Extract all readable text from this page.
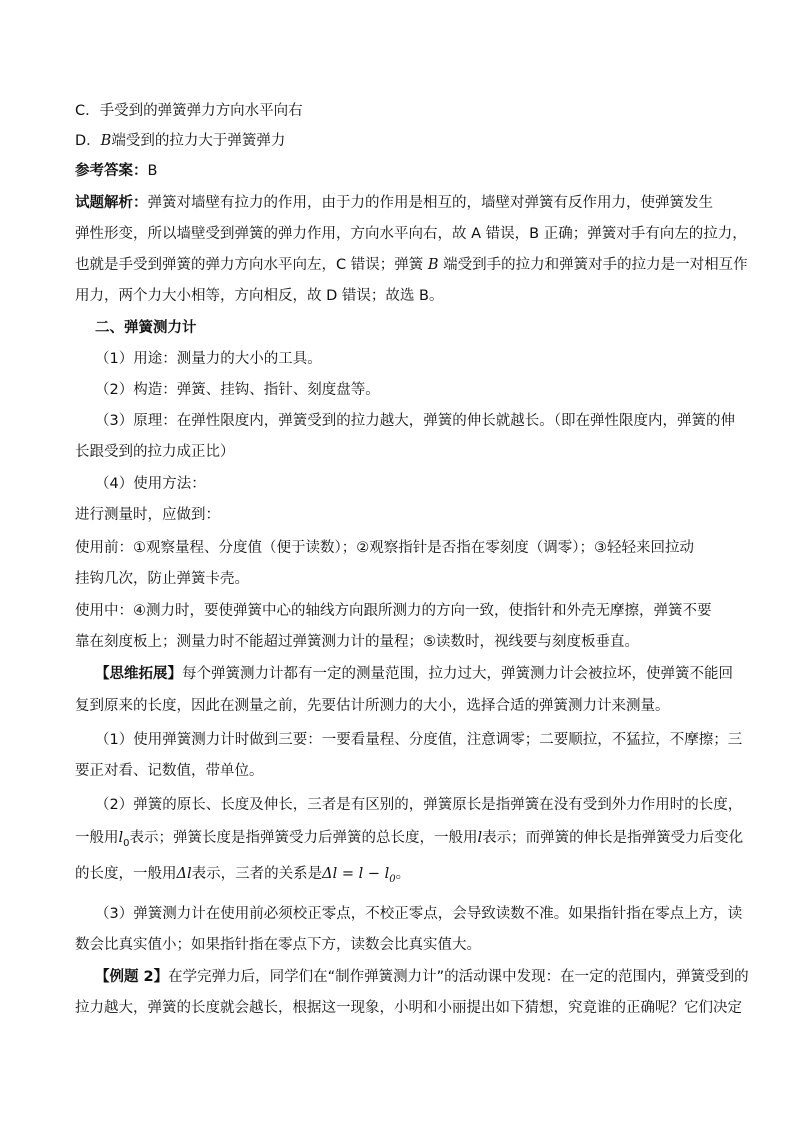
C．手受到的弹簧弹力方向水平向右
D．B端受到的拉力大于弹簧弹力
参考答案：B
试题解析：弹簧对墙壁有拉力的作用，由于力的作用是相互的，墙壁对弹簧有反作用力，使弹簧发生
弹性形变，所以墙壁受到弹簧的弹力作用，方向水平向右，故 A 错误，B 正确；弹簧对手有向左的拉力，
也就是手受到弹簧的弹力方向水平向左，C 错误；弹簧 B 端受到手的拉力和弹簧对手的拉力是一对相互作
用力，两个力大小相等，方向相反，故 D 错误；故选 B。
二、弹簧测力计
（1）用途：测量力的大小的工具。
（2）构造：弹簧、挂钩、指针、刻度盘等。
（3）原理：在弹性限度内，弹簧受到的拉力越大，弹簧的伸长就越长。（即在弹性限度内，弹簧的伸
长跟受到的拉力成正比）
（4）使用方法：
进行测量时，应做到：
使用前：①观察量程、分度值（便于读数）；②观察指针是否指在零刻度（调零）；③轻轻来回拉动
挂钩几次，防止弹簧卡壳。
使用中：④测力时，要使弹簧中心的轴线方向跟所测力的方向一致，使指针和外壳无摩擦，弹簧不要
靠在刻度板上；测量力时不能超过弹簧测力计的量程；⑤读数时，视线要与刻度板垂直。
【思维拓展】每个弹簧测力计都有一定的测量范围，拉力过大，弹簧测力计会被拉坏，使弹簧不能回
复到原来的长度，因此在测量之前，先要估计所测力的大小，选择合适的弹簧测力计来测量。
（1）使用弹簧测力计时做到三要：一要看量程、分度值，注意调零；二要顺拉，不猛拉，不摩擦；三
要正对看、记数值，带单位。
（2）弹簧的原长、长度及伸长，三者是有区别的，弹簧原长是指弹簧在没有受到外力作用时的长度，
一般用$l_0$表示；弹簧长度是指弹簧受力后弹簧的总长度，一般用l表示；而弹簧的伸长是指弹簧受力后变化
的长度，一般用Δl表示，三者的关系是$\Delta l = l - l_0$。
（3）弹簧测力计在使用前必须校正零点，不校正零点，会导致读数不准。如果指针指在零点上方，读
数会比真实值小；如果指针指在零点下方，读数会比真实值大。
【例题 2】在学完弹力后，同学们在“制作弹簧测力计”的活动课中发现：在一定的范围内，弹簧受到的
拉力越大，弹簧的长度就会越长，根据这一现象，小明和小丽提出如下猜想，究竟谁的正确呢？它们决定
